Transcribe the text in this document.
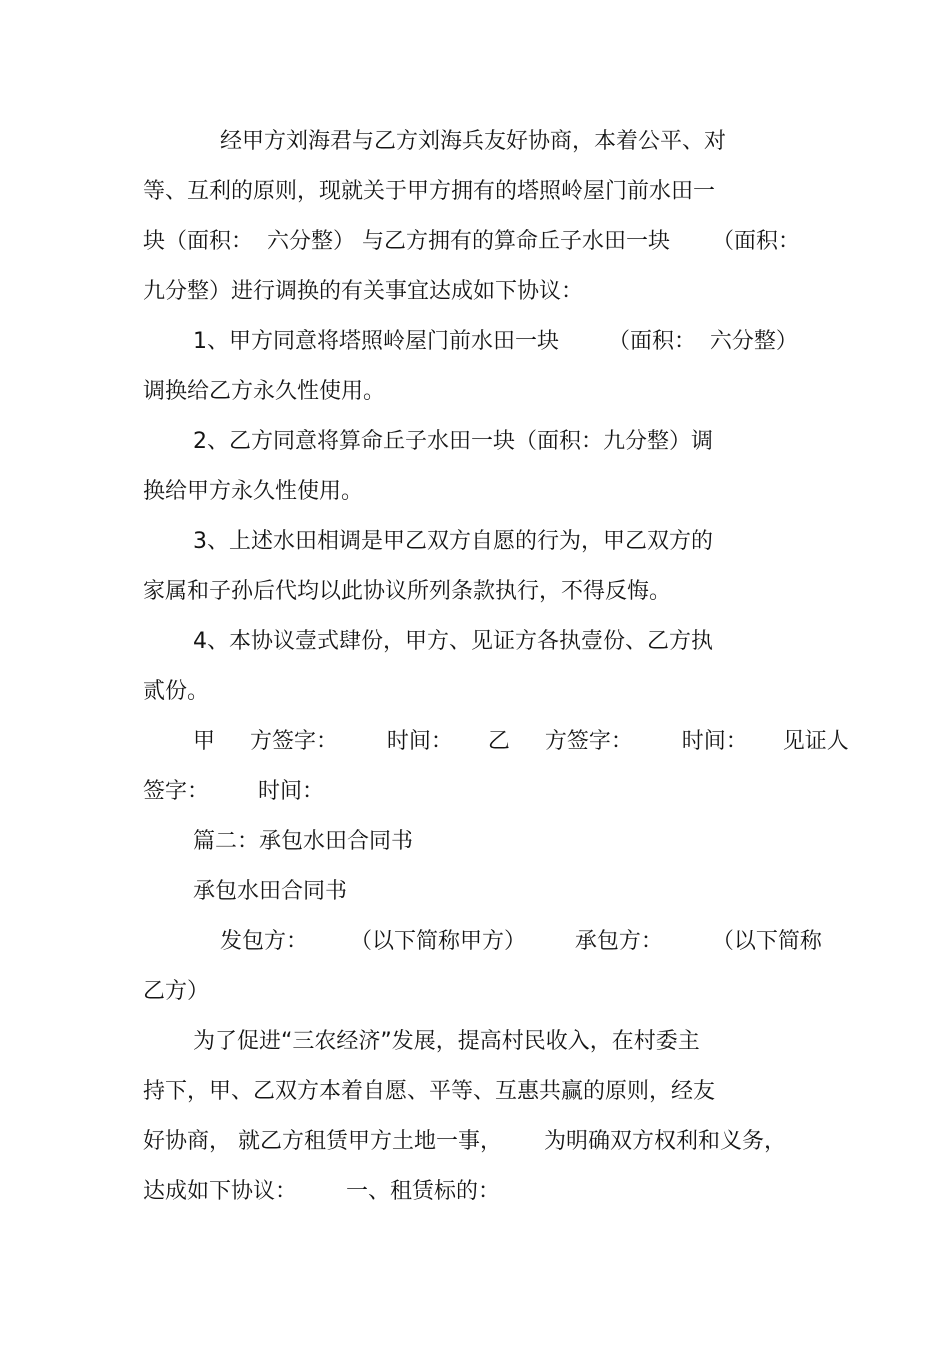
经甲方刘海君与乙方刘海兵友好协商，本着公平、对
等、互利的原则，现就关于甲方拥有的塔照岭屋门前水田一
块（面积：  六分整） 与乙方拥有的算命丘子水田一块      （面积：
九分整）进行调换的有关事宜达成如下协议：
1、甲方同意将塔照岭屋门前水田一块       （面积：  六分整）
调换给乙方永久性使用。
2、乙方同意将算命丘子水田一块（面积：九分整）调
换给甲方永久性使用。
3、上述水田相调是甲乙双方自愿的行为，甲乙双方的
家属和子孙后代均以此协议所列条款执行，不得反悔。
4、本协议壹式肆份，甲方、见证方各执壹份、乙方执
贰份。
甲     方签字：       时间：     乙     方签字：       时间：     见证人
签字：       时间：
篇二：承包水田合同书
承包水田合同书
发包方：      （以下简称甲方）       承包方：       （以下简称
乙方）
为了促进“三农经济”发展，提高村民收入，在村委主
持下，甲、乙双方本着自愿、平等、互惠共赢的原则，经友
好协商， 就乙方租赁甲方土地一事，      为明确双方权利和义务，
达成如下协议：       一、租赁标的：
